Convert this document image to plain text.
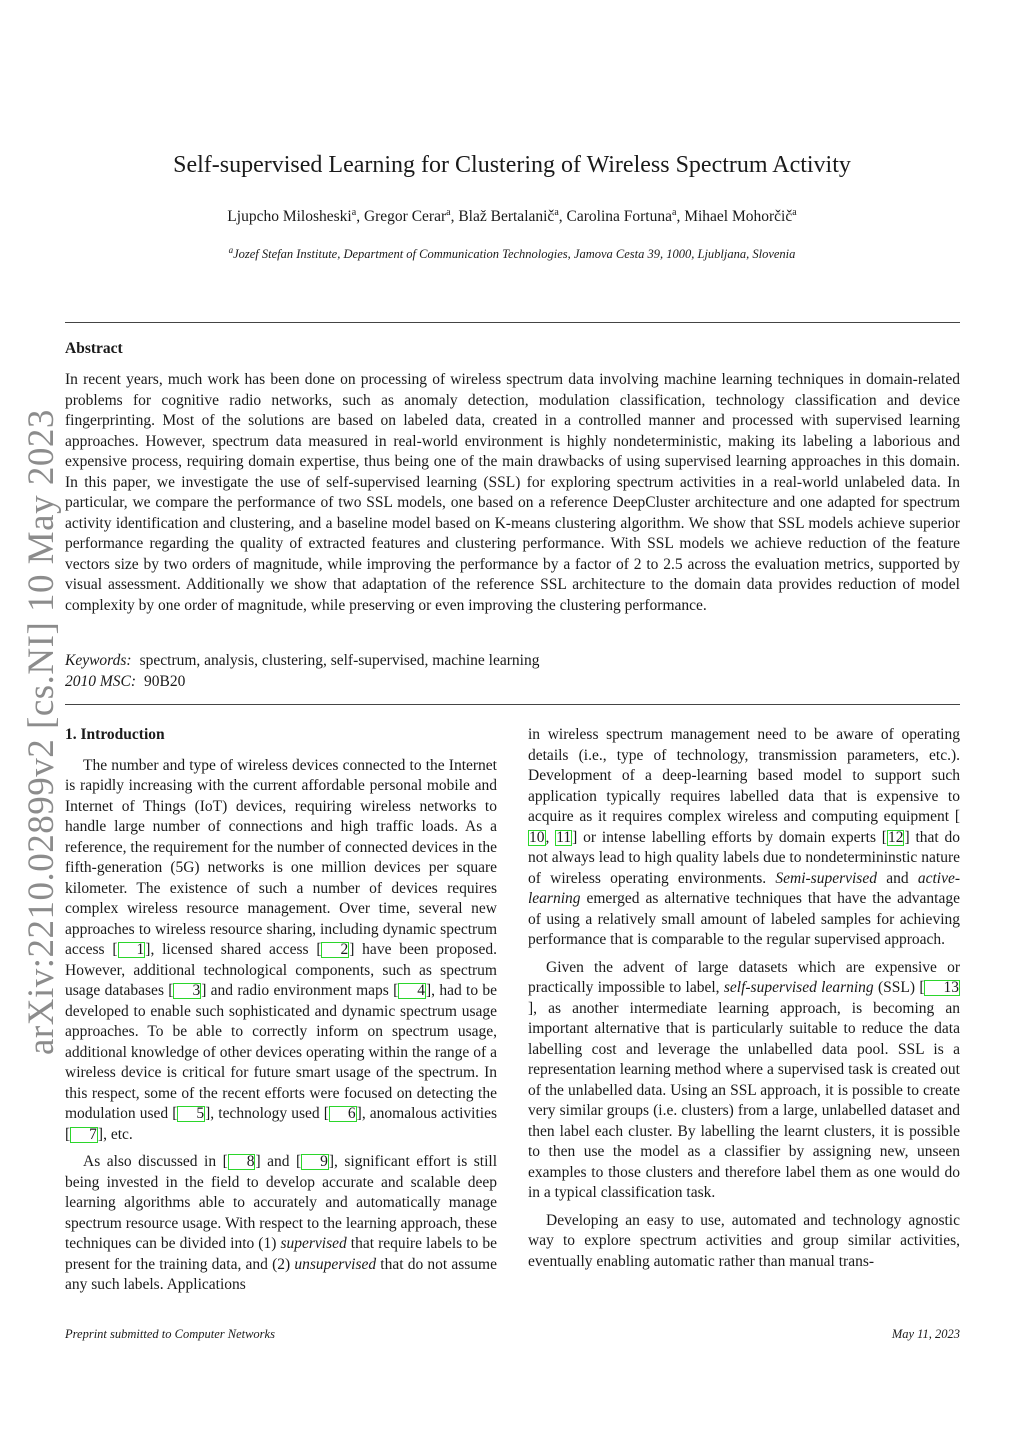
arXiv:2210.02899v2 [cs.NI] 10 May 2023
Self-supervised Learning for Clustering of Wireless Spectrum Activity
Ljupcho Milosheski$^a$, Gregor Cerar$^a$, Blaž Bertalanič$^a$, Carolina Fortuna$^a$, Mihael Mohorčič$^a$
$^a$Jozef Stefan Institute, Department of Communication Technologies, Jamova Cesta 39, 1000, Ljubljana, Slovenia
Abstract

In recent years, much work has been done on processing of wireless spectrum data involving machine learning techniques in domain-related problems for cognitive radio networks, such as anomaly detection, modulation classification, technology classification and device fingerprinting. Most of the solutions are based on labeled data, created in a controlled manner and processed with supervised learning approaches. However, spectrum data measured in real-world environment is highly nondeterministic, making its labeling a laborious and expensive process, requiring domain expertise, thus being one of the main drawbacks of using supervised learning approaches in this domain. In this paper, we investigate the use of self-supervised learning (SSL) for exploring spectrum activities in a real-world unlabeled data. In particular, we compare the performance of two SSL models, one based on a reference DeepCluster architecture and one adapted for spectrum activity identification and clustering, and a baseline model based on K-means clustering algorithm. We show that SSL models achieve superior performance regarding the quality of extracted features and clustering performance. With SSL models we achieve reduction of the feature vectors size by two orders of magnitude, while improving the performance by a factor of 2 to 2.5 across the evaluation metrics, supported by visual assessment. Additionally we show that adaptation of the reference SSL architecture to the domain data provides reduction of model complexity by one order of magnitude, while preserving or even improving the clustering performance.

Keywords: spectrum, analysis, clustering, self-supervised, machine learning
2010 MSC: 90B20
1. Introduction

The number and type of wireless devices connected to the Internet is rapidly increasing with the current affordable personal mobile and Internet of Things (IoT) devices, requiring wireless networks to handle large number of connections and high traffic loads. As a reference, the requirement for the number of connected devices in the fifth-generation (5G) networks is one million devices per square kilometer. The existence of such a number of devices requires complex wireless resource management. Over time, several new approaches to wireless resource sharing, including dynamic spectrum access [ 1], licensed shared access [ 2] have been proposed. However, additional technological components, such as spectrum usage databases [ 3] and radio environment maps [ 4], had to be developed to enable such sophisticated and dynamic spectrum usage approaches. To be able to correctly inform on spectrum usage, additional knowledge of other devices operating within the range of a wireless device is critical for future smart usage of the spectrum. In this respect, some of the recent efforts were focused on detecting the modulation used [ 5], technology used [ 6], anomalous activities [ 7], etc.

As also discussed in [ 8] and [ 9], significant effort is still being invested in the field to develop accurate and scalable deep learning algorithms able to accurately and automatically manage spectrum resource usage. With respect to the learning approach, these techniques can be divided into (1) supervised that require labels to be present for the training data, and (2) unsupervised that do not assume any such labels. Applications

in wireless spectrum management need to be aware of operating details (i.e., type of technology, transmission parameters, etc.). Development of a deep-learning based model to support such application typically requires labelled data that is expensive to acquire as it requires complex wireless and computing equipment [10, 11] or intense labelling efforts by domain experts [12] that do not always lead to high quality labels due to nondetermininstic nature of wireless operating environments. Semi-supervised and active-learning emerged as alternative techniques that have the advantage of using a relatively small amount of labeled samples for achieving performance that is comparable to the regular supervised approach.

Given the advent of large datasets which are expensive or practically impossible to label, self-supervised learning (SSL) [ 13], as another intermediate learning approach, is becoming an important alternative that is particularly suitable to reduce the data labelling cost and leverage the unlabelled data pool. SSL is a representation learning method where a supervised task is created out of the unlabelled data. Using an SSL approach, it is possible to create very similar groups (i.e. clusters) from a large, unlabelled dataset and then label each cluster. By labelling the learnt clusters, it is possible to then use the model as a classifier by assigning new, unseen examples to those clusters and therefore label them as one would do in a typical classification task.

Developing an easy to use, automated and technology agnostic way to explore spectrum activities and group similar activities, eventually enabling automatic rather than manual trans-

Preprint submitted to Computer Networks	May 11, 2023
